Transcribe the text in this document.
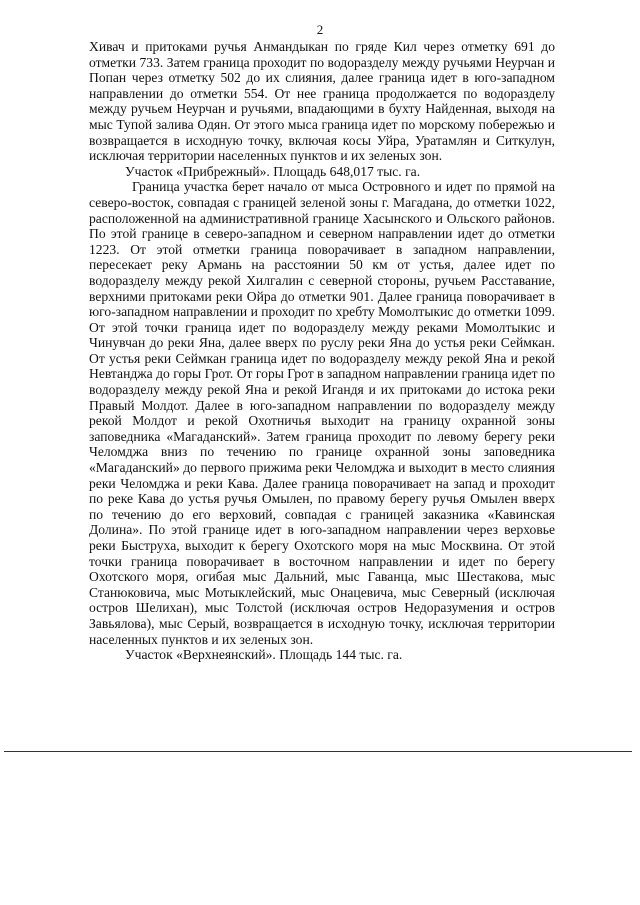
2

Хивач и притоками ручья Анмандыкан по гряде Кил через отметку 691 до отметки 733. Затем граница проходит по водоразделу между ручьями Неурчан и Попан через отметку 502 до их слияния, далее граница идет в юго-западном направлении до отметки 554. От нее граница продолжается по водоразделу между ручьем Неурчан и ручьями, впадающими в бухту Найденная, выходя на мыс Тупой залива Одян. От этого мыса граница идет по морскому побережью и возвращается в исходную точку, включая косы Уйра, Уратамлян и Ситкулун, исключая территории населенных пунктов и их зеленых зон.

Участок «Прибрежный». Площадь 648,017 тыс. га.

Граница участка берет начало от мыса Островного и идет по прямой на северо-восток, совпадая с границей зеленой зоны г. Магадана, до отметки 1022, расположенной на административной границе Хасынского и Ольского районов. По этой границе в северо-западном и северном направлении идет до отметки 1223. От этой отметки граница поворачивает в западном направлении, пересекает реку Армань на расстоянии 50 км от устья, далее идет по водоразделу между рекой Хилгалин с северной стороны, ручьем Расставание, верхними притоками реки Ойра до отметки 901. Далее граница поворачивает в юго-западном направлении и проходит по хребту Момолтыкис до отметки 1099. От этой точки граница идет по водоразделу между реками Момолтыкис и Чинувчан до реки Яна, далее вверх по руслу реки Яна до устья реки Сеймкан. От устья реки Сеймкан граница идет по водоразделу между рекой Яна и рекой Невтанджа до горы Грот. От горы Грот в западном направлении граница идет по водоразделу между рекой Яна и рекой Игандя и их притоками до истока реки Правый Молдот. Далее в юго-западном направлении по водоразделу между рекой Молдот и рекой Охотничья выходит на границу охранной зоны заповедника «Магаданский». Затем граница проходит по левому берегу реки Челомджа вниз по течению по границе охранной зоны заповедника «Магаданский» до первого прижима реки Челомджа и выходит в место слияния реки Челомджа и реки Кава. Далее граница поворачивает на запад и проходит по реке Кава до устья ручья Омылен, по правому берегу ручья Омылен вверх по течению до его верховий, совпадая с границей заказника «Кавинская Долина». По этой границе идет в юго-западном направлении через верховье реки Быструха, выходит к берегу Охотского моря на мыс Москвина. От этой точки граница поворачивает в восточном направлении и идет по берегу Охотского моря, огибая мыс Дальний, мыс Гаванца, мыс Шестакова, мыс Станюковича, мыс Мотыклейский, мыс Онацевича, мыс Северный (исключая остров Шелихан), мыс Толстой (исключая остров Недоразумения и остров Завьялова), мыс Серый, возвращается в исходную точку, исключая территории населенных пунктов и их зеленых зон.

Участок «Верхнеянский». Площадь 144 тыс. га.
